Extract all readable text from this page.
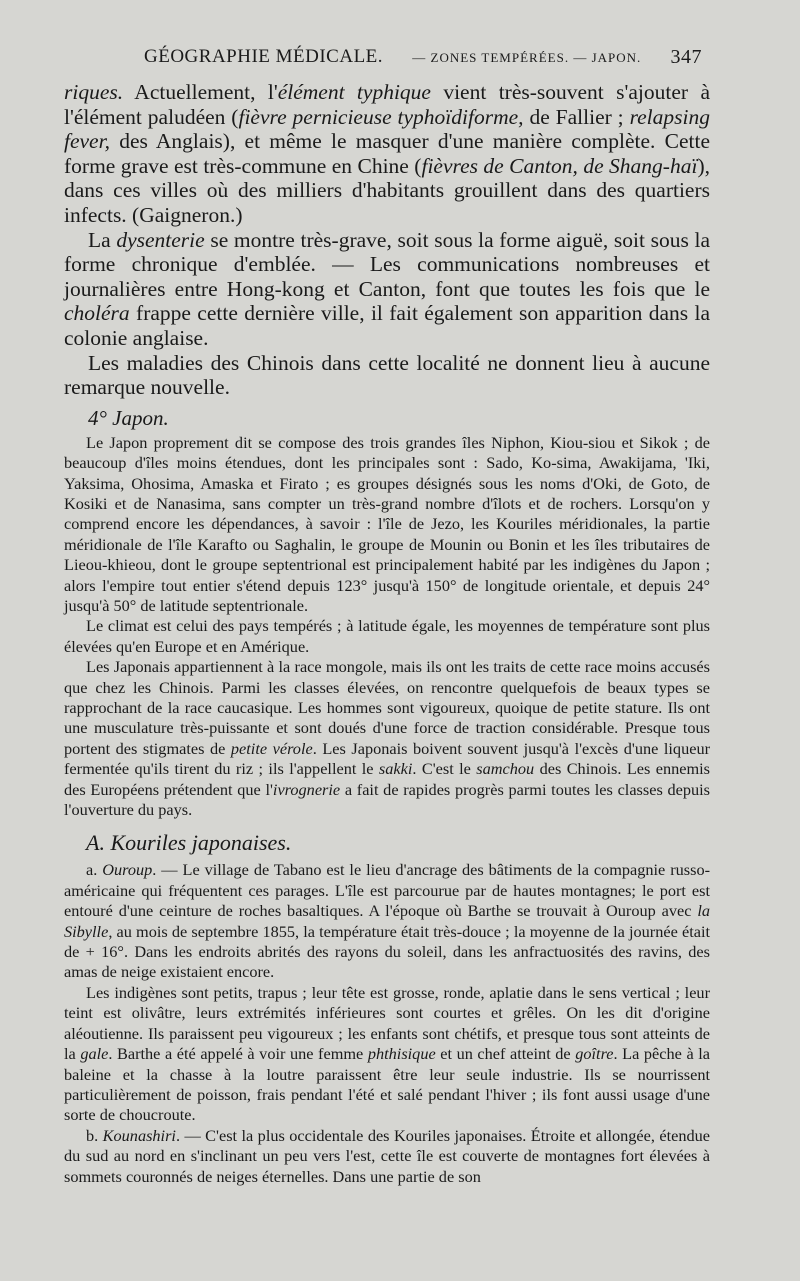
GÉOGRAPHIE MÉDICALE. — ZONES TEMPÉRÉES. — JAPON. 347

riques. Actuellement, l'élément typhique vient très-souvent s'ajouter à l'élément paludéen (fièvre pernicieuse typhoïdiforme, de Fallier ; relapsing fever, des Anglais), et même le masquer d'une manière complète. Cette forme grave est très-commune en Chine (fièvres de Canton, de Shang-haï), dans ces villes où des milliers d'habitants grouillent dans des quartiers infects. (Gaigneron.)

La dysenterie se montre très-grave, soit sous la forme aiguë, soit sous la forme chronique d'emblée. — Les communications nombreuses et journalières entre Hong-kong et Canton, font que toutes les fois que le choléra frappe cette dernière ville, il fait également son apparition dans la colonie anglaise.

Les maladies des Chinois dans cette localité ne donnent lieu à aucune remarque nouvelle.

4° Japon.

Le Japon proprement dit se compose des trois grandes îles Niphon, Kiou-siou et Sikok ; de beaucoup d'îles moins étendues, dont les principales sont : Sado, Ko-sima, Awakijama, 'Iki, Yaksima, Ohosima, Amaska et Firato ; es groupes désignés sous les noms d'Oki, de Goto, de Kosiki et de Nanasima, sans compter un très-grand nombre d'îlots et de rochers. Lorsqu'on y comprend encore les dépendances, à savoir : l'île de Jezo, les Kouriles méridionales, la partie méridionale de l'île Karafto ou Saghalin, le groupe de Mounin ou Bonin et les îles tributaires de Lieou-khieou, dont le groupe septentrional est principalement habité par les indigènes du Japon ; alors l'empire tout entier s'étend depuis 123° jusqu'à 150° de longitude orientale, et depuis 24° jusqu'à 50° de latitude septentrionale.

Le climat est celui des pays tempérés ; à latitude égale, les moyennes de température sont plus élevées qu'en Europe et en Amérique.

Les Japonais appartiennent à la race mongole, mais ils ont les traits de cette race moins accusés que chez les Chinois. Parmi les classes élevées, on rencontre quelquefois de beaux types se rapprochant de la race caucasique. Les hommes sont vigoureux, quoique de petite stature. Ils ont une musculature très-puissante et sont doués d'une force de traction considérable. Presque tous portent des stigmates de petite vérole. Les Japonais boivent souvent jusqu'à l'excès d'une liqueur fermentée qu'ils tirent du riz ; ils l'appellent le sakki. C'est le samchou des Chinois. Les ennemis des Européens prétendent que l'ivrognerie a fait de rapides progrès parmi toutes les classes depuis l'ouverture du pays.

A. Kouriles japonaises.

a. Ouroup. — Le village de Tabano est le lieu d'ancrage des bâtiments de la compagnie russo-américaine qui fréquentent ces parages. L'île est parcourue par de hautes montagnes; le port est entouré d'une ceinture de roches basaltiques. A l'époque où Barthe se trouvait à Ouroup avec la Sibylle, au mois de septembre 1855, la température était très-douce ; la moyenne de la journée était de + 16°. Dans les endroits abrités des rayons du soleil, dans les anfractuosités des ravins, des amas de neige existaient encore.

Les indigènes sont petits, trapus ; leur tête est grosse, ronde, aplatie dans le sens vertical ; leur teint est olivâtre, leurs extrémités inférieures sont courtes et grêles. On les dit d'origine aléoutienne. Ils paraissent peu vigoureux ; les enfants sont chétifs, et presque tous sont atteints de la gale. Barthe a été appelé à voir une femme phthisique et un chef atteint de goître. La pêche à la baleine et la chasse à la loutre paraissent être leur seule industrie. Ils se nourrissent particulièrement de poisson, frais pendant l'été et salé pendant l'hiver ; ils font aussi usage d'une sorte de choucroute.

b. Kounashiri. — C'est la plus occidentale des Kouriles japonaises. Étroite et allongée, étendue du sud au nord en s'inclinant un peu vers l'est, cette île est couverte de montagnes fort élevées à sommets couronnés de neiges éternelles. Dans une partie de son
